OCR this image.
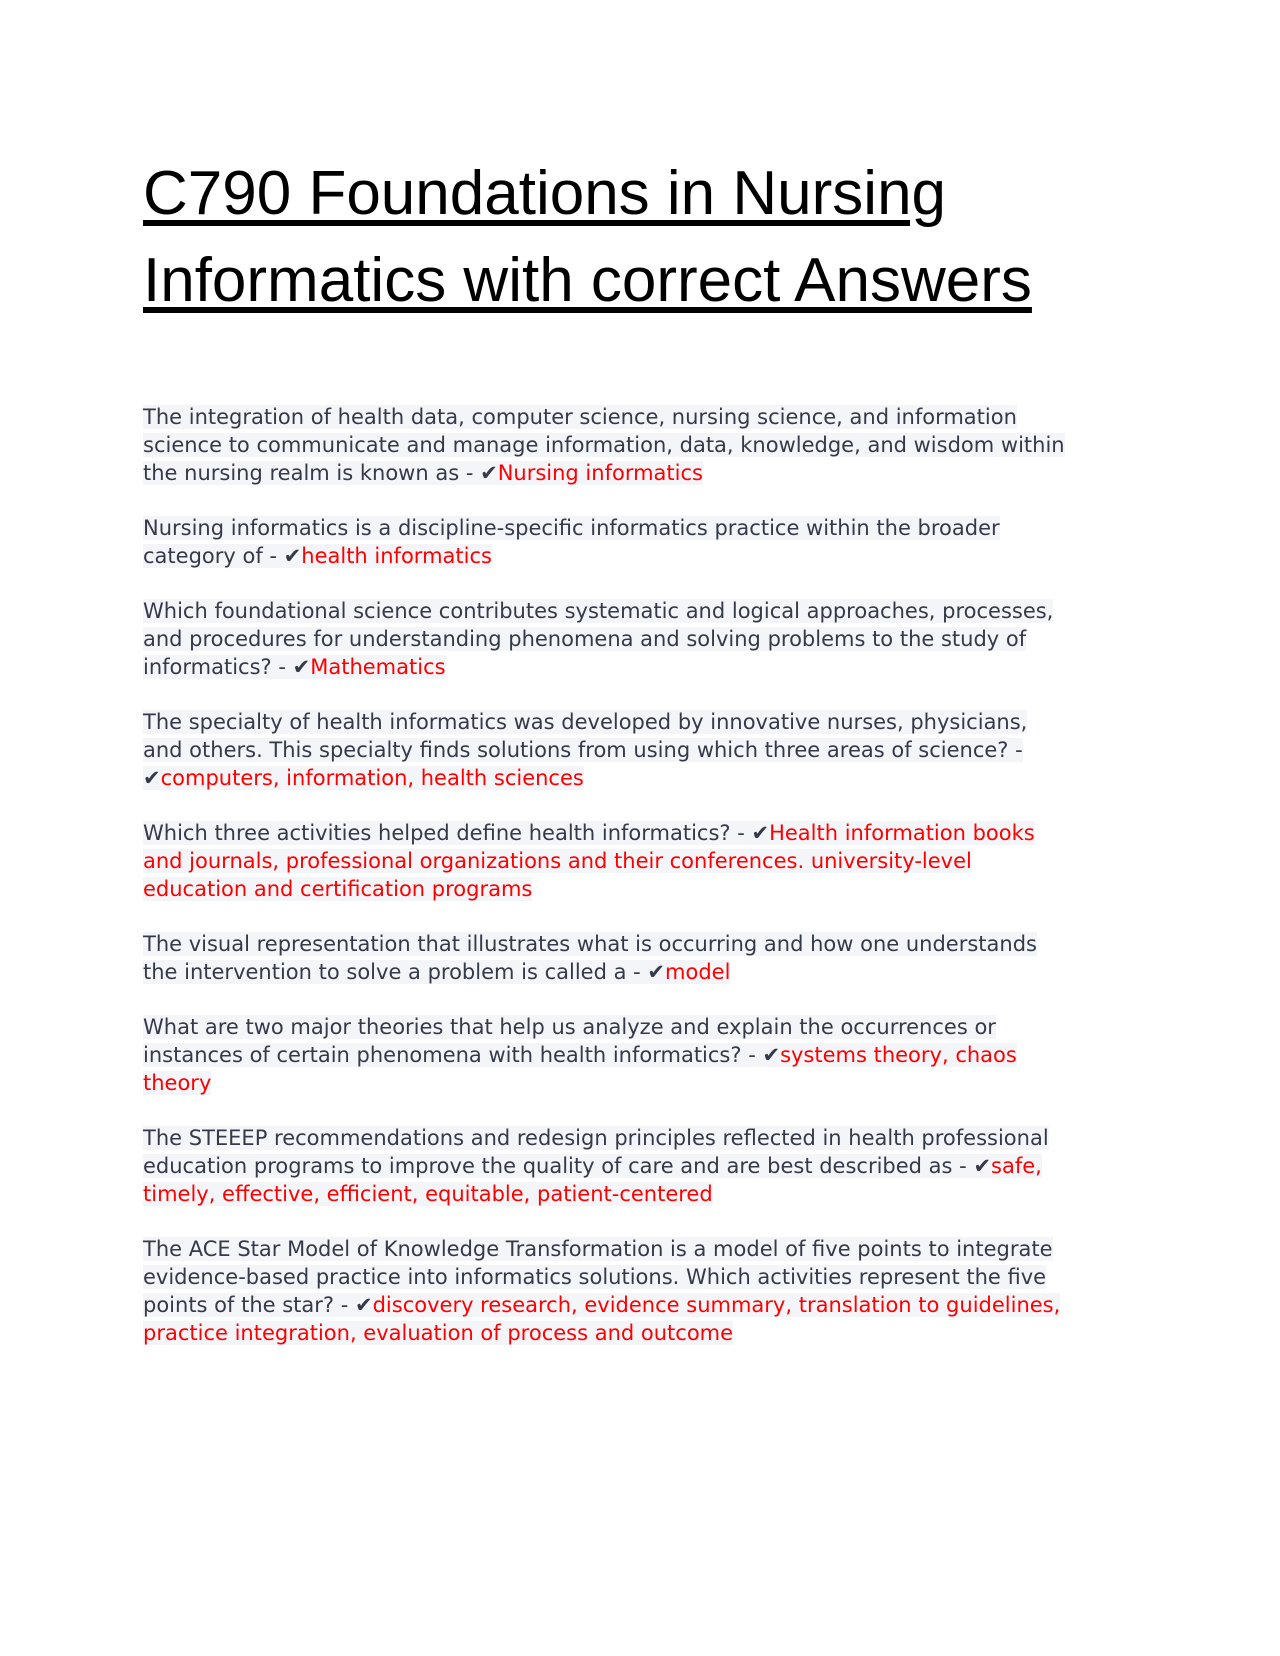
C790 Foundations in Nursing Informatics with correct Answers

The integration of health data, computer science, nursing science, and information science to communicate and manage information, data, knowledge, and wisdom within the nursing realm is known as - ✔Nursing informatics

Nursing informatics is a discipline-specific informatics practice within the broader category of - ✔health informatics

Which foundational science contributes systematic and logical approaches, processes, and procedures for understanding phenomena and solving problems to the study of informatics? - ✔Mathematics

The specialty of health informatics was developed by innovative nurses, physicians, and others. This specialty finds solutions from using which three areas of science? - ✔computers, information, health sciences

Which three activities helped define health informatics? - ✔Health information books and journals, professional organizations and their conferences. university-level education and certification programs

The visual representation that illustrates what is occurring and how one understands the intervention to solve a problem is called a - ✔model

What are two major theories that help us analyze and explain the occurrences or instances of certain phenomena with health informatics? - ✔systems theory, chaos theory

The STEEEP recommendations and redesign principles reflected in health professional education programs to improve the quality of care and are best described as - ✔safe, timely, effective, efficient, equitable, patient-centered

The ACE Star Model of Knowledge Transformation is a model of five points to integrate evidence-based practice into informatics solutions. Which activities represent the five points of the star? - ✔discovery research, evidence summary, translation to guidelines, practice integration, evaluation of process and outcome
